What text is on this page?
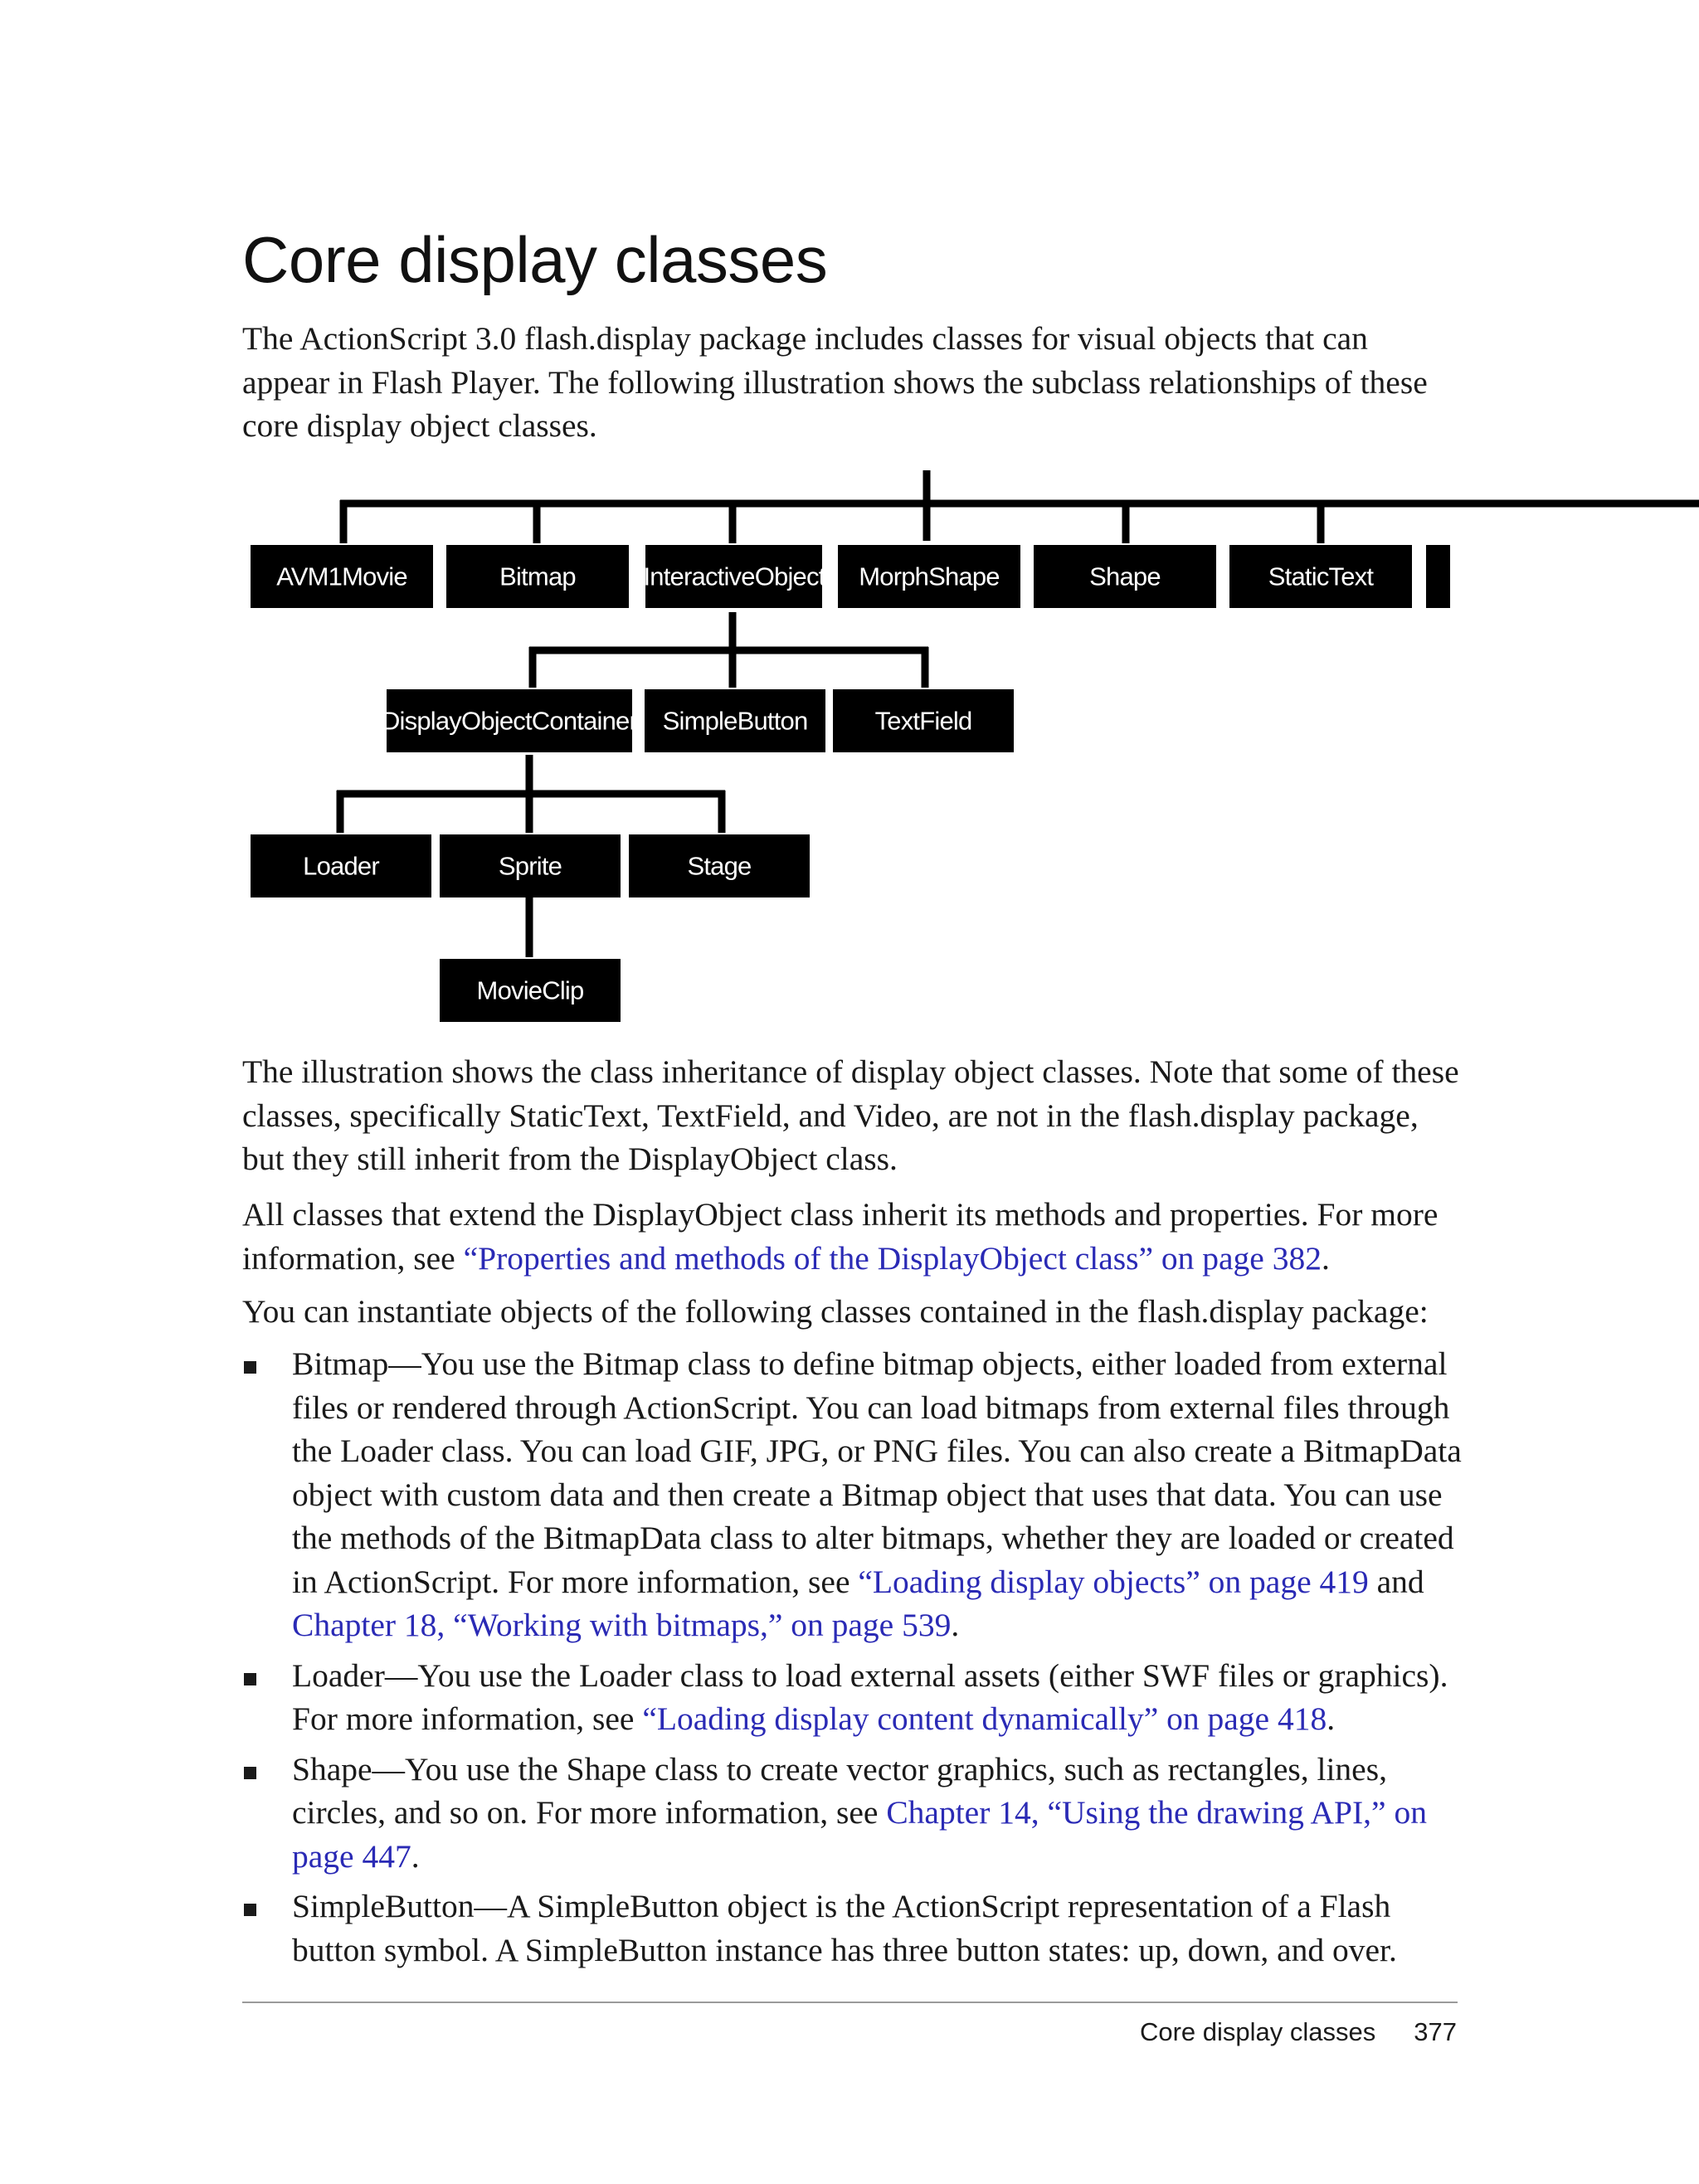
Core display classes

The ActionScript 3.0 flash.display package includes classes for visual objects that can appear in Flash Player. The following illustration shows the subclass relationships of these core display object classes.

AVM1Movie	Bitmap	InteractiveObject MorphShape	Shape	StaticText
DisplayObjectContainer SimpleButton	TextField
Loader	Sprite	Stage
MovieClip

The illustration shows the class inheritance of display object classes. Note that some of these classes, specifically StaticText, TextField, and Video, are not in the flash.display package, but they still inherit from the DisplayObject class.

All classes that extend the DisplayObject class inherit its methods and properties. For more information, see “Properties and methods of the DisplayObject class” on page 382.

You can instantiate objects of the following classes contained in the flash.display package:

Bitmap—You use the Bitmap class to define bitmap objects, either loaded from external files or rendered through ActionScript. You can load bitmaps from external files through the Loader class. You can load GIF, JPG, or PNG files. You can also create a BitmapData object with custom data and then create a Bitmap object that uses that data. You can use the methods of the BitmapData class to alter bitmaps, whether they are loaded or created in ActionScript. For more information, see “Loading display objects” on page 419 and Chapter 18, “Working with bitmaps,” on page 539.
Loader—You use the Loader class to load external assets (either SWF files or graphics). For more information, see “Loading display content dynamically” on page 418.
Shape—You use the Shape class to create vector graphics, such as rectangles, lines, circles, and so on. For more information, see Chapter 14, “Using the drawing API,” on page 447.
SimpleButton—A SimpleButton object is the ActionScript representation of a Flash button symbol. A SimpleButton instance has three button states: up, down, and over.
Core display classes 377
